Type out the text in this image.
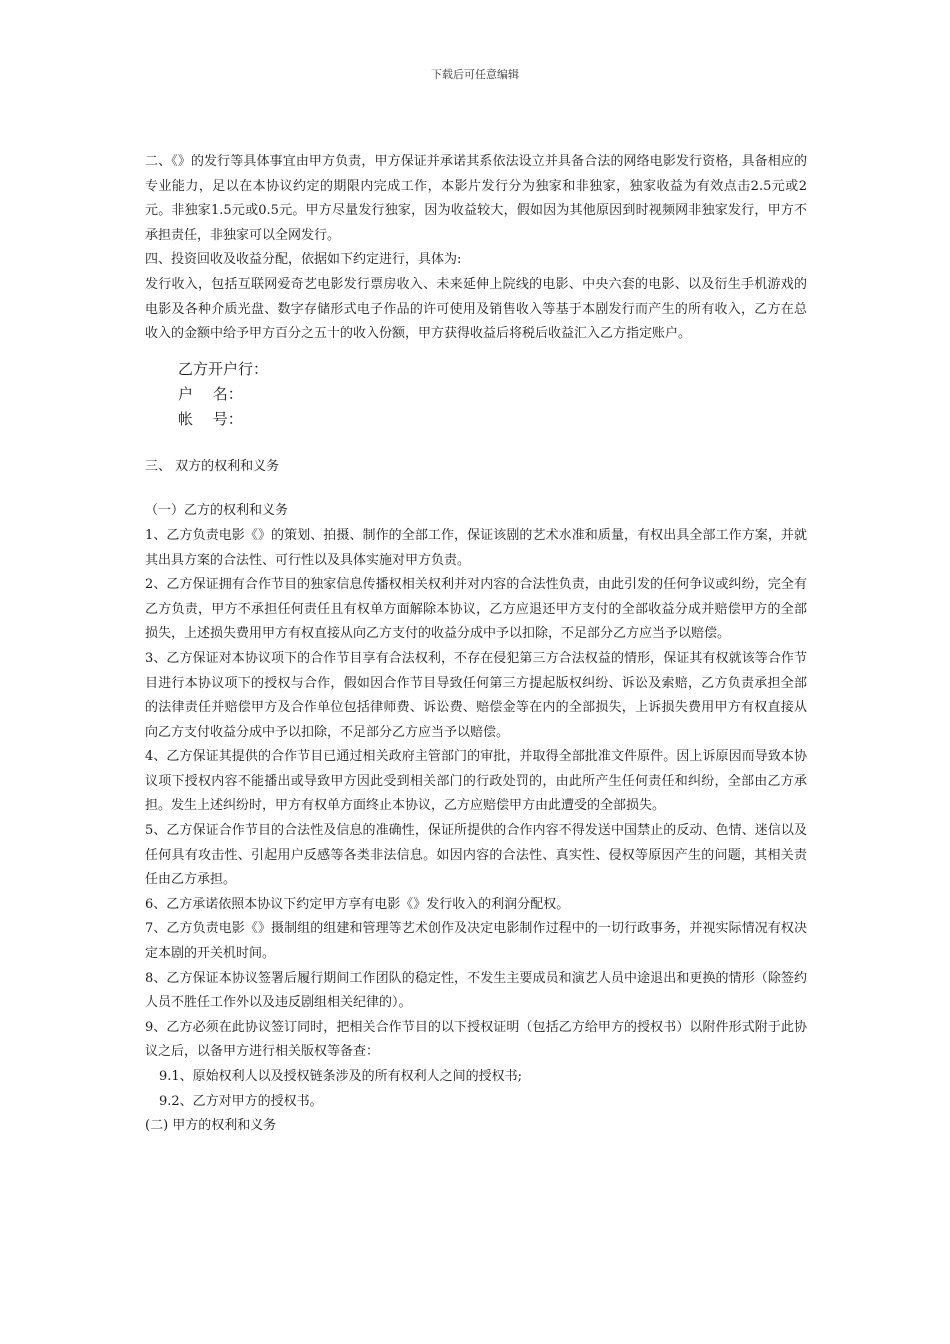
下载后可任意编辑

二、《》的发行等具体事宜由甲方负责，甲方保证并承诺其系依法设立并具备合法的网络电影发行资格，具备相应的专业能力，足以在本协议约定的期限内完成工作，本影片发行分为独家和非独家，独家收益为有效点击2.5元或2元。非独家1.5元或0.5元。甲方尽量发行独家，因为收益较大，假如因为其他原因到时视频网非独家发行，甲方不承担责任，非独家可以全网发行。

四、投资回收及收益分配，依据如下约定进行，具体为:

发行收入，包括互联网爱奇艺电影发行票房收入、未来延伸上院线的电影、中央六套的电影、以及衍生手机游戏的电影及各种介质光盘、数字存储形式电子作品的许可使用及销售收入等基于本剧发行而产生的所有收入，乙方在总收入的金额中给予甲方百分之五十的收入份额，甲方获得收益后将税后收益汇入乙方指定账户。

乙方开户行：

户　 名：

帐　 号：

三、 双方的权利和义务

（一）乙方的权利和义务

1、乙方负责电影《》的策划、拍摄、制作的全部工作，保证该剧的艺术水准和质量，有权出具全部工作方案，并就其出具方案的合法性、可行性以及具体实施对甲方负责。

2、乙方保证拥有合作节目的独家信息传播权相关权利并对内容的合法性负责，由此引发的任何争议或纠纷，完全有乙方负责，甲方不承担任何责任且有权单方面解除本协议，乙方应退还甲方支付的全部收益分成并赔偿甲方的全部损失，上述损失费用甲方有权直接从向乙方支付的收益分成中予以扣除，不足部分乙方应当予以赔偿。

3、乙方保证对本协议项下的合作节目享有合法权利，不存在侵犯第三方合法权益的情形，保证其有权就该等合作节目进行本协议项下的授权与合作，假如因合作节目导致任何第三方提起版权纠纷、诉讼及索赔，乙方负责承担全部的法律责任并赔偿甲方及合作单位包括律师费、诉讼费、赔偿金等在内的全部损失，上诉损失费用甲方有权直接从向乙方支付收益分成中予以扣除，不足部分乙方应当予以赔偿。

4、乙方保证其提供的合作节目已通过相关政府主管部门的审批，并取得全部批准文件原件。因上诉原因而导致本协议项下授权内容不能播出或导致甲方因此受到相关部门的行政处罚的，由此所产生任何责任和纠纷，全部由乙方承担。发生上述纠纷时，甲方有权单方面终止本协议，乙方应赔偿甲方由此遭受的全部损失。

5、乙方保证合作节目的合法性及信息的准确性，保证所提供的合作内容不得发送中国禁止的反动、色情、迷信以及任何具有攻击性、引起用户反感等各类非法信息。如因内容的合法性、真实性、侵权等原因产生的问题，其相关责任由乙方承担。

6、乙方承诺依照本协议下约定甲方享有电影《》发行收入的利润分配权。

7、乙方负责电影《》摄制组的组建和管理等艺术创作及决定电影制作过程中的一切行政事务，并视实际情况有权决定本剧的开关机时间。

8、乙方保证本协议签署后履行期间工作团队的稳定性，不发生主要成员和演艺人员中途退出和更换的情形（除签约人员不胜任工作外以及违反剧组相关纪律的）。

9、乙方必须在此协议签订同时，把相关合作节目的以下授权证明（包括乙方给甲方的授权书）以附件形式附于此协议之后，以备甲方进行相关版权等备查：

9.1、原始权利人以及授权链条涉及的所有权利人之间的授权书;

9.2、乙方对甲方的授权书。

(二) 甲方的权利和义务
